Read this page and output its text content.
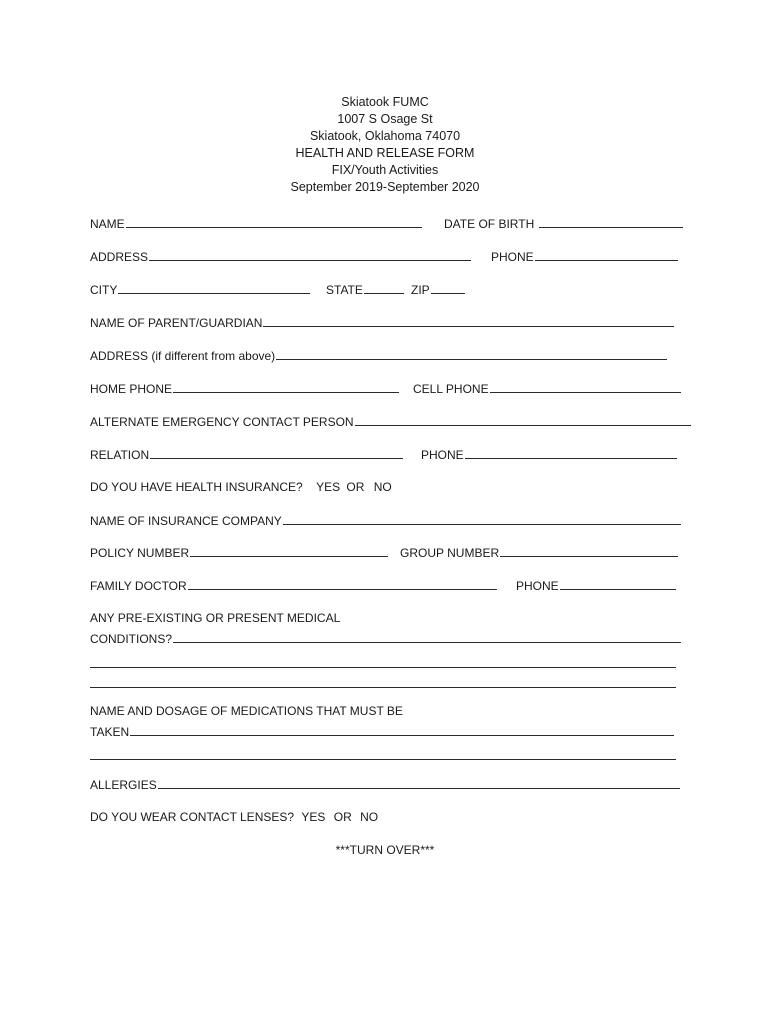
Skiatook FUMC
1007 S Osage St
Skiatook, Oklahoma 74070
HEALTH AND RELEASE FORM
FIX/Youth Activities
September 2019-September 2020
NAME	DATE OF BIRTH
ADDRESS	PHONE
CITY	STATE	ZIP
NAME OF PARENT/GUARDIAN
ADDRESS (if different from above)
HOME PHONE	CELL PHONE
ALTERNATE EMERGENCY CONTACT PERSON
RELATION	PHONE
DO YOU HAVE HEALTH INSURANCE? YES OR NO
NAME OF INSURANCE COMPANY
POLICY NUMBER	GROUP NUMBER
FAMILY DOCTOR	PHONE
ANY PRE-EXISTING OR PRESENT MEDICAL
CONDITIONS?
NAME AND DOSAGE OF MEDICATIONS THAT MUST BE
TAKEN
ALLERGIES
DO YOU WEAR CONTACT LENSES? YES OR NO
***TURN OVER***
